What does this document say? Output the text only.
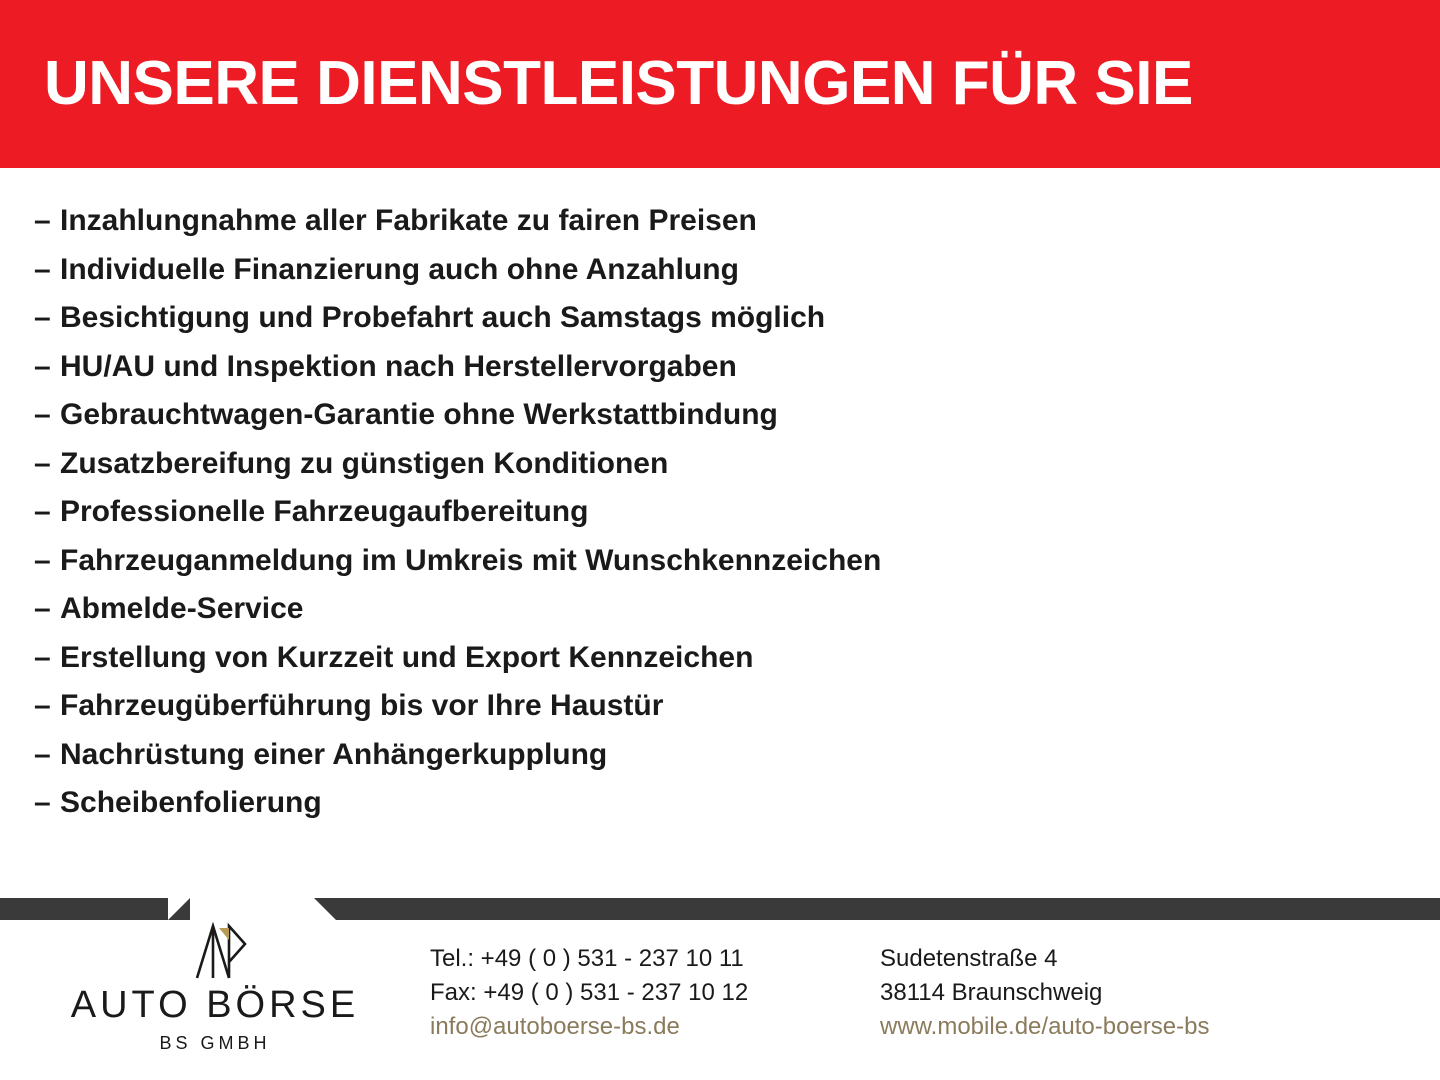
UNSERE DIENSTLEISTUNGEN FÜR SIE
– Inzahlungnahme aller Fabrikate zu fairen Preisen
– Individuelle Finanzierung auch ohne Anzahlung
– Besichtigung und Probefahrt auch Samstags möglich
– HU/AU und Inspektion nach Herstellervorgaben
– Gebrauchtwagen-Garantie ohne Werkstattbindung
– Zusatzbereifung zu günstigen Konditionen
– Professionelle Fahrzeugaufbereitung
– Fahrzeuganmeldung im Umkreis mit Wunschkennzeichen
– Abmelde-Service
– Erstellung von Kurzzeit und Export Kennzeichen
– Fahrzeugüberführung bis vor Ihre Haustür
– Nachrüstung einer Anhängerkupplung
– Scheibenfolierung
AUTO BÖRSE
BS GMBH
Tel.: +49 ( 0 ) 531 - 237 10 11
Fax: +49 ( 0 ) 531 - 237 10 12
info@autoboerse-bs.de
Sudetenstraße 4
38114 Braunschweig
www.mobile.de/auto-boerse-bs
